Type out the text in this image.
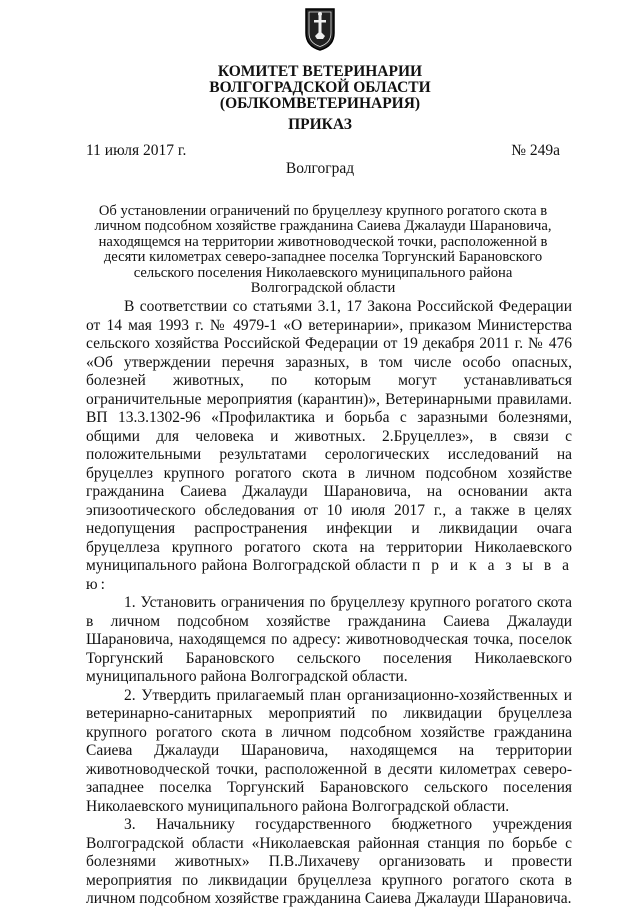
КОМИТЕТ ВЕТЕРИНАРИИ
ВОЛГОГРАДСКОЙ ОБЛАСТИ
(ОБЛКОМВЕТЕРИНАРИЯ)
ПРИКАЗ
11 июля 2017 г.	№ 249а
Волгоград
Об установлении ограничений по бруцеллезу крупного рогатого скота в личном подсобном хозяйстве гражданина Саиева Джалауди Шарановича, находящемся на территории животноводческой точки, расположенной в десяти километрах северо-западнее поселка Торгунский Барановского сельского поселения Николаевского муниципального района Волгоградской области

В соответствии со статьями 3.1, 17 Закона Российской Федерации от 14 мая 1993 г. № 4979-1 «О ветеринарии», приказом Министерства сельского хозяйства Российской Федерации от 19 декабря 2011 г. № 476 «Об утверждении перечня заразных, в том числе особо опасных, болезней животных, по которым могут устанавливаться ограничительные мероприятия (карантин)», Ветеринарными правилами. ВП 13.3.1302-96 «Профилактика и борьба с заразными болезнями, общими для человека и животных. 2.Бруцеллез», в связи с положительными результатами серологических исследований на бруцеллез крупного рогатого скота в личном подсобном хозяйстве гражданина Саиева Джалауди Шарановича, на основании акта эпизоотического обследования от 10 июля 2017 г., а также в целях недопущения распространения инфекции и ликвидации очага бруцеллеза крупного рогатого скота на территории Николаевского муниципального района Волгоградской области п р и к а з ы в а ю:

1. Установить ограничения по бруцеллезу крупного рогатого скота в личном подсобном хозяйстве гражданина Саиева Джалауди Шарановича, находящемся по адресу: животноводческая точка, поселок Торгунский Барановского сельского поселения Николаевского муниципального района Волгоградской области.

2. Утвердить прилагаемый план организационно-хозяйственных и ветеринарно-санитарных мероприятий по ликвидации бруцеллеза крупного рогатого скота в личном подсобном хозяйстве гражданина Саиева Джалауди Шарановича, находящемся на территории животноводческой точки, расположенной в десяти километрах северо-западнее поселка Торгунский Барановского сельского поселения Николаевского муниципального района Волгоградской области.

3. Начальнику государственного бюджетного учреждения Волгоградской области «Николаевская районная станция по борьбе с болезнями животных» П.В.Лихачеву организовать и провести мероприятия по ликвидации бруцеллеза крупного рогатого скота в личном подсобном хозяйстве гражданина Саиева Джалауди Шарановича.
